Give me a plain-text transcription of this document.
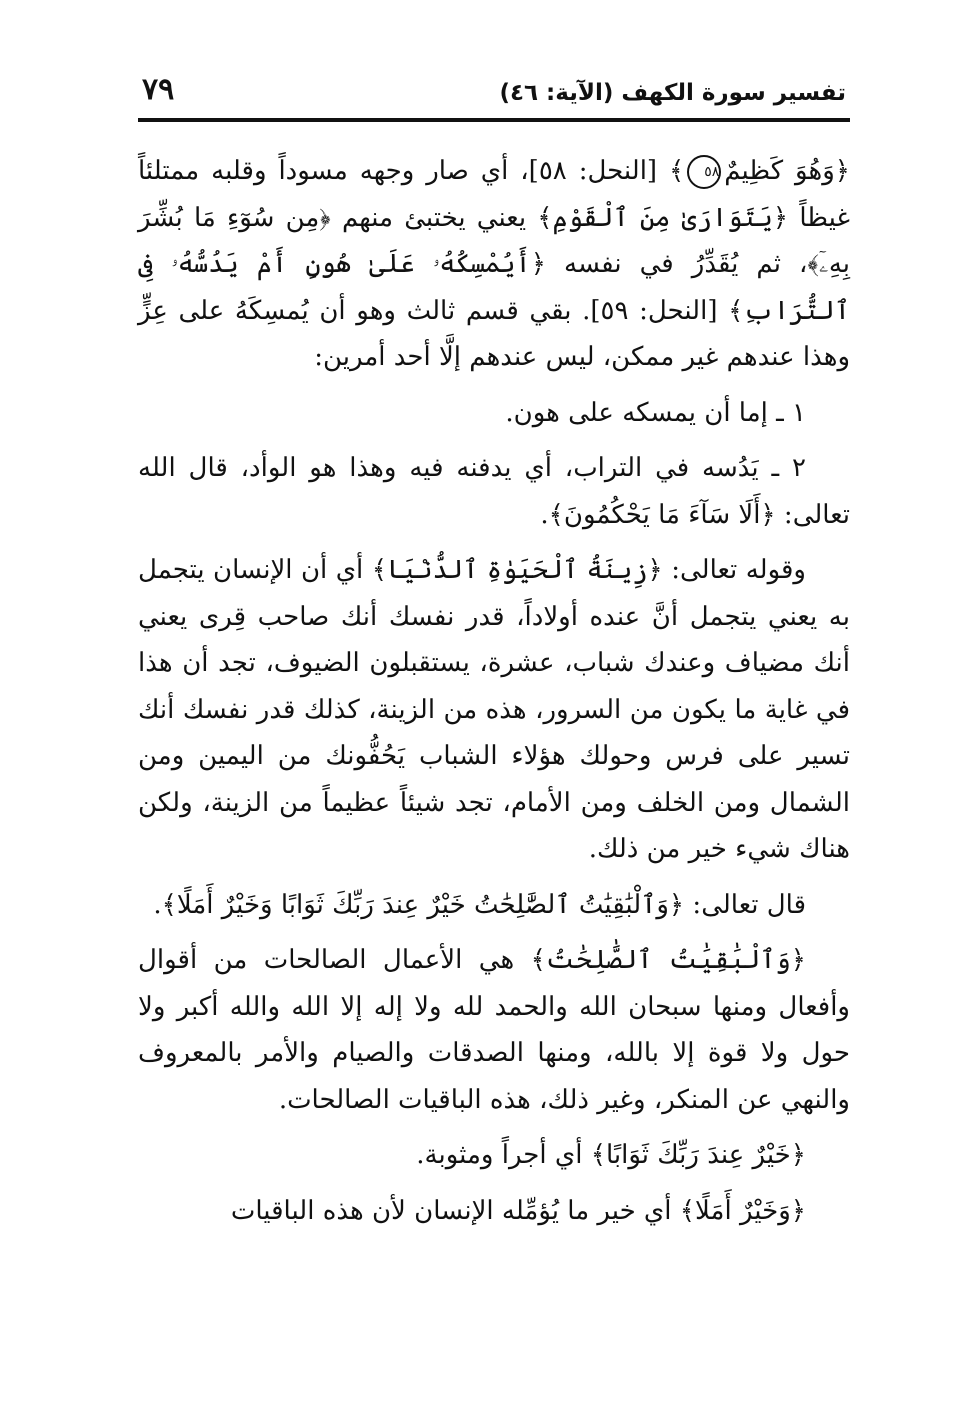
٧٩	تفسير سورة الكهف (الآية: ٤٦)

﴿وَهُوَ كَظِيمٌ٥٨﴾ [النحل: ٥٨]، أي صار وجهه مسوداً وقلبه ممتلئاً غيظاً ﴿يَتَوَارَىٰ مِنَ ٱلْقَوْمِ﴾ يعني يختبئ منهم ﴿مِن سُوٓءِ مَا بُشِّرَ بِهِۦٓ﴾، ثم يُقَدِّرُ في نفسه ﴿أَيُمْسِكُهُۥ عَلَىٰ هُونٍ أَمْ يَدُسُّهُۥ فِى ٱلتُّرَابِ﴾ [النحل: ٥٩]. بقي قسم ثالث وهو أن يُمسِكَهُ على عِزٍّ وهذا عندهم غير ممكن، ليس عندهم إلَّا أحد أمرين:

١ ـ إما أن يمسكه على هون.

٢ ـ يَدُسه في التراب، أي يدفنه فيه وهذا هو الوأد، قال الله تعالى: ﴿أَلَا سَآءَ مَا يَحْكُمُونَ﴾.

وقوله تعالى: ﴿زِينَةُ ٱلْحَيَوٰةِ ٱلدُّنْيَا﴾ أي أن الإنسان يتجمل به يعني يتجمل أنَّ عنده أولاداً، قدر نفسك أنك صاحب قِرى يعني أنك مضياف وعندك شباب، عشرة، يستقبلون الضيوف، تجد أن هذا في غاية ما يكون من السرور، هذه من الزينة، كذلك قدر نفسك أنك تسير على فرس وحولك هؤلاء الشباب يَحُفُّونك من اليمين ومن الشمال ومن الخلف ومن الأمام، تجد شيئاً عظيماً من الزينة، ولكن هناك شيء خير من ذلك.

قال تعالى: ﴿وَٱلْبَٰقِيَٰتُ ٱلصَّٰلِحَٰتُ خَيْرٌ عِندَ رَبِّكَ ثَوَابًا وَخَيْرٌ أَمَلًا﴾.

﴿وَٱلْبَٰقِيَٰتُ ٱلصَّٰلِحَٰتُ﴾ هي الأعمال الصالحات من أقوال وأفعال ومنها سبحان الله والحمد لله ولا إله إلا الله والله أكبر ولا حول ولا قوة إلا بالله، ومنها الصدقات والصيام والأمر بالمعروف والنهي عن المنكر، وغير ذلك، هذه الباقيات الصالحات.

﴿خَيْرٌ عِندَ رَبِّكَ ثَوَابًا﴾ أي أجراً ومثوبة.

﴿وَخَيْرٌ أَمَلًا﴾ أي خير ما يُؤمِّله الإنسان لأن هذه الباقيات
